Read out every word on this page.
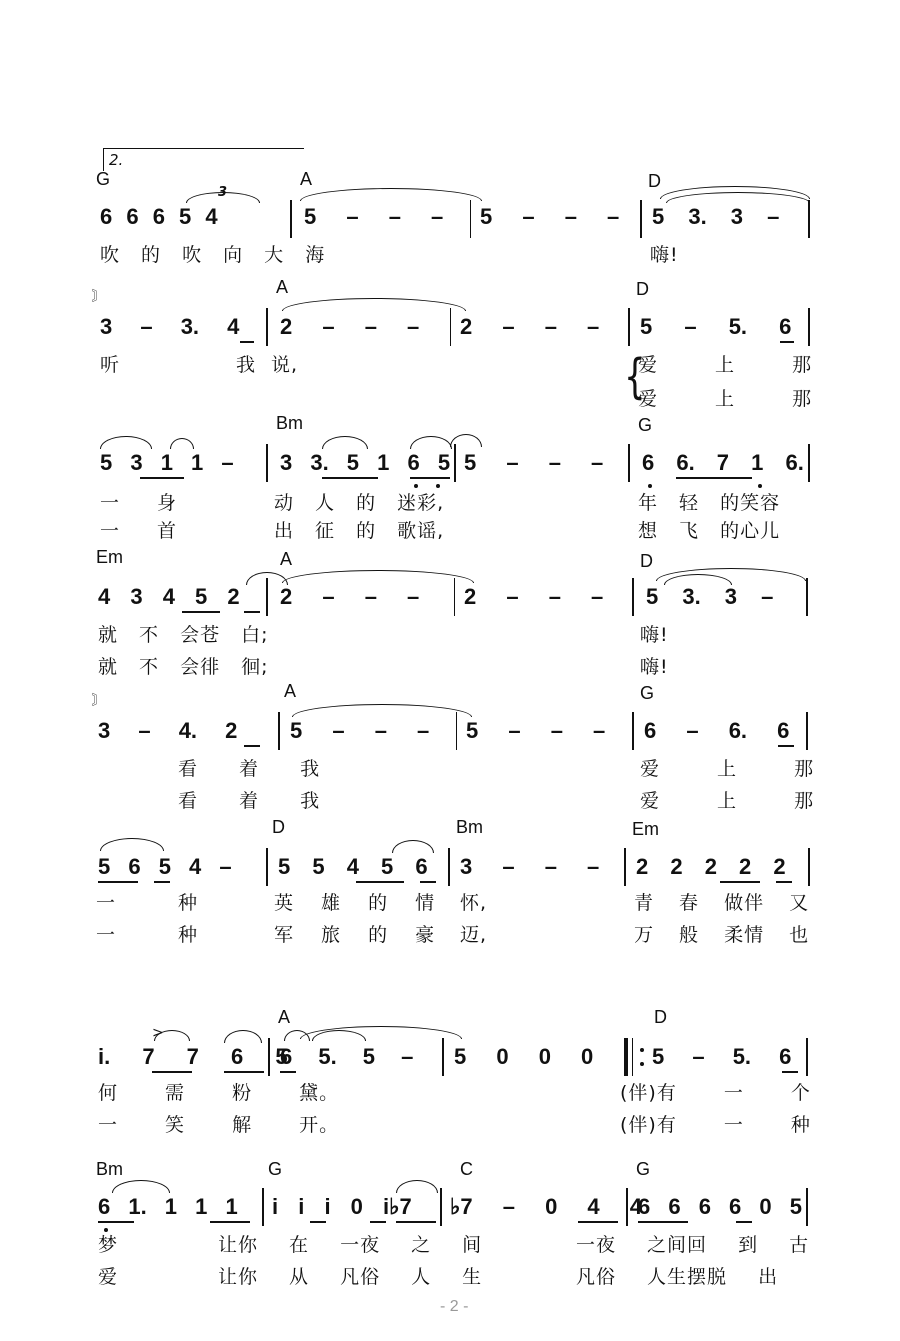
2.
G	A	D
6 6 6 5 4
3
5 – – – 5 – – – 5 3. 3 –
吹 的 吹 向 大 海	嗨!
〙	A	D
3 – 3. 4 2 – – – 2 – – – 5 – 5. 6
听	我 说,	{
爱 上 那
爱 上 那
Bm	G
5 3 1 1 – 3 3. 5 1 6 5 5 – – – 6 6. 7 1 6.
一 身	动 人 的 迷彩,	年 轻 的笑容
一 首	出 征 的 歌谣,	想 飞 的心儿
Em	A	D
4 3 4 5 2 2 – – – 2 – – – 5 3. 3 –
就 不 会苍 白;	嗨!
就 不 会徘 徊;	嗨!
〙	A	G
3 – 4. 2 5 – – – 5 – – – 6 – 6. 6
看 着 我	爱 上 那
看 着 我	爱 上 那
D	Bm	Em
5 6 5 4 – 5 5 4 5 6 3 – – – 2 2 2 2 2
一	种	英 雄 的 情 怀,	青 春 做伴 又
一	种	军 旅 的 豪 迈,	万 般 柔情 也
A	D
i. 7 7 6 5
>
6 5. 5 – 5 0 0 0	5 – 5. 6
何 需 粉 黛。	(伴)有 一 个
一 笑 解 开。	(伴)有 一 种
Bm	G	C	G
6 1. 1 1 1 i i i 0 i♭7 ♭7 – 0 4 4
6 6 6 6 0 5
梦	让你 在 一夜 之 间	一夜 之间回 到 古
爱	让你 从 凡俗 人 生	凡俗 人生摆脱 出
- 2 -
